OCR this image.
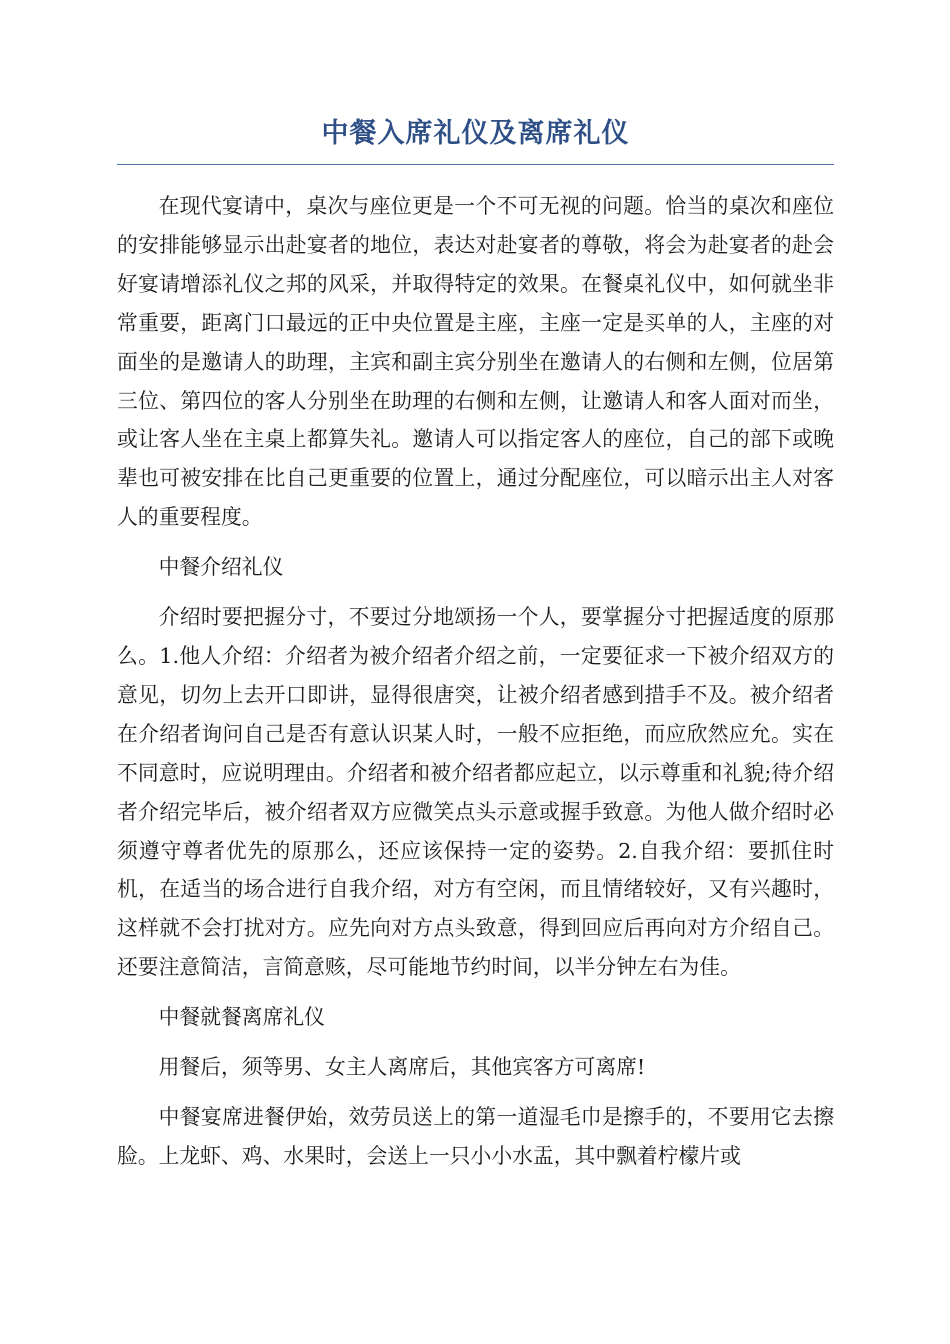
中餐入席礼仪及离席礼仪

在现代宴请中，桌次与座位更是一个不可无视的问题。恰当的桌次和座位的安排能够显示出赴宴者的地位，表达对赴宴者的尊敬，将会为赴宴者的赴会好宴请增添礼仪之邦的风采，并取得特定的效果。在餐桌礼仪中，如何就坐非常重要，距离门口最远的正中央位置是主座，主座一定是买单的人，主座的对面坐的是邀请人的助理，主宾和副主宾分别坐在邀请人的右侧和左侧，位居第三位、第四位的客人分别坐在助理的右侧和左侧，让邀请人和客人面对而坐，或让客人坐在主桌上都算失礼。邀请人可以指定客人的座位，自己的部下或晚辈也可被安排在比自己更重要的位置上，通过分配座位，可以暗示出主人对客人的重要程度。

中餐介绍礼仪

介绍时要把握分寸，不要过分地颂扬一个人，要掌握分寸把握适度的原那么。1.他人介绍：介绍者为被介绍者介绍之前，一定要征求一下被介绍双方的意见，切勿上去开口即讲，显得很唐突，让被介绍者感到措手不及。被介绍者在介绍者询问自己是否有意认识某人时，一般不应拒绝，而应欣然应允。实在不同意时，应说明理由。介绍者和被介绍者都应起立，以示尊重和礼貌;待介绍者介绍完毕后，被介绍者双方应微笑点头示意或握手致意。为他人做介绍时必须遵守尊者优先的原那么，还应该保持一定的姿势。2.自我介绍：要抓住时机，在适当的场合进行自我介绍，对方有空闲，而且情绪较好，又有兴趣时，这样就不会打扰对方。应先向对方点头致意，得到回应后再向对方介绍自己。还要注意简洁，言简意赅，尽可能地节约时间，以半分钟左右为佳。

中餐就餐离席礼仪

用餐后，须等男、女主人离席后，其他宾客方可离席!

中餐宴席进餐伊始，效劳员送上的第一道湿毛巾是擦手的，不要用它去擦脸。上龙虾、鸡、水果时，会送上一只小小水盂，其中飘着柠檬片或
